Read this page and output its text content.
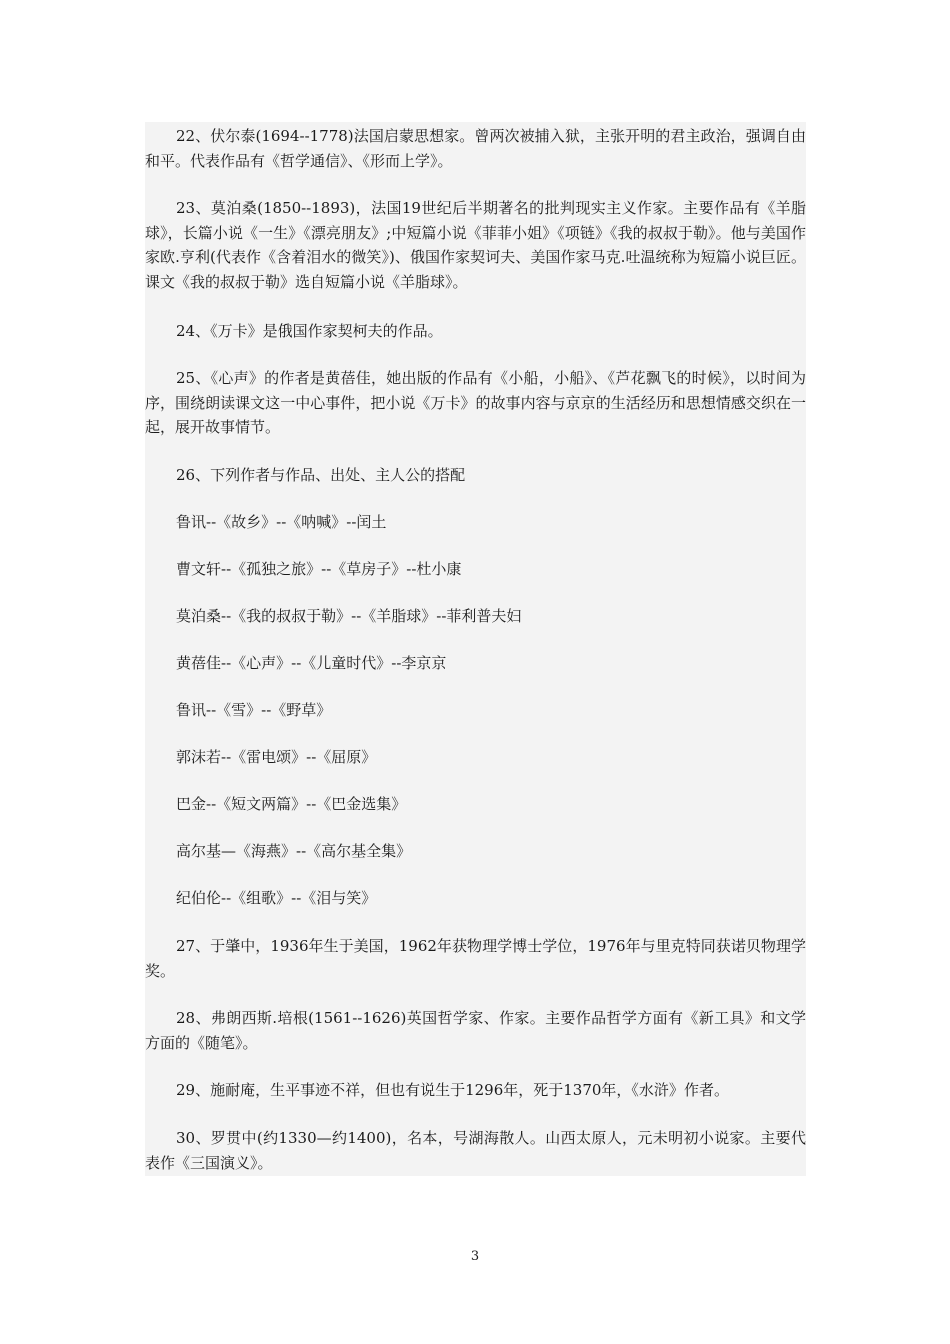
22、伏尔泰(1694--1778)法国启蒙思想家。曾两次被捕入狱，主张开明的君主政治，强调自由和平。代表作品有《哲学通信》、《形而上学》。

23、莫泊桑(1850--1893)，法国19世纪后半期著名的批判现实主义作家。主要作品有《羊脂球》，长篇小说《一生》《漂亮朋友》;中短篇小说《菲菲小姐》《项链》《我的叔叔于勒》。他与美国作家欧.亨利(代表作《含着泪水的微笑》)、俄国作家契诃夫、美国作家马克.吐温统称为短篇小说巨匠。课文《我的叔叔于勒》选自短篇小说《羊脂球》。

24、《万卡》是俄国作家契柯夫的作品。

25、《心声》的作者是黄蓓佳，她出版的作品有《小船，小船》、《芦花飘飞的时候》，以时间为序，围绕朗读课文这一中心事件，把小说《万卡》的故事内容与京京的生活经历和思想情感交织在一起，展开故事情节。

26、下列作者与作品、出处、主人公的搭配

鲁讯--《故乡》--《呐喊》--闰土

曹文轩--《孤独之旅》--《草房子》--杜小康

莫泊桑--《我的叔叔于勒》--《羊脂球》--菲利普夫妇

黄蓓佳--《心声》--《儿童时代》--李京京

鲁讯--《雪》--《野草》

郭沫若--《雷电颂》--《屈原》

巴金--《短文两篇》--《巴金选集》

高尔基—《海燕》--《高尔基全集》

纪伯伦--《组歌》--《泪与笑》

27、于肇中，1936年生于美国，1962年获物理学博士学位，1976年与里克特同获诺贝物理学奖。

28、弗朗西斯.培根(1561--1626)英国哲学家、作家。主要作品哲学方面有《新工具》和文学方面的《随笔》。

29、施耐庵，生平事迹不祥，但也有说生于1296年，死于1370年，《水浒》作者。

30、罗贯中(约1330—约1400)，名本，号湖海散人。山西太原人，元未明初小说家。主要代表作《三国演义》。

3
